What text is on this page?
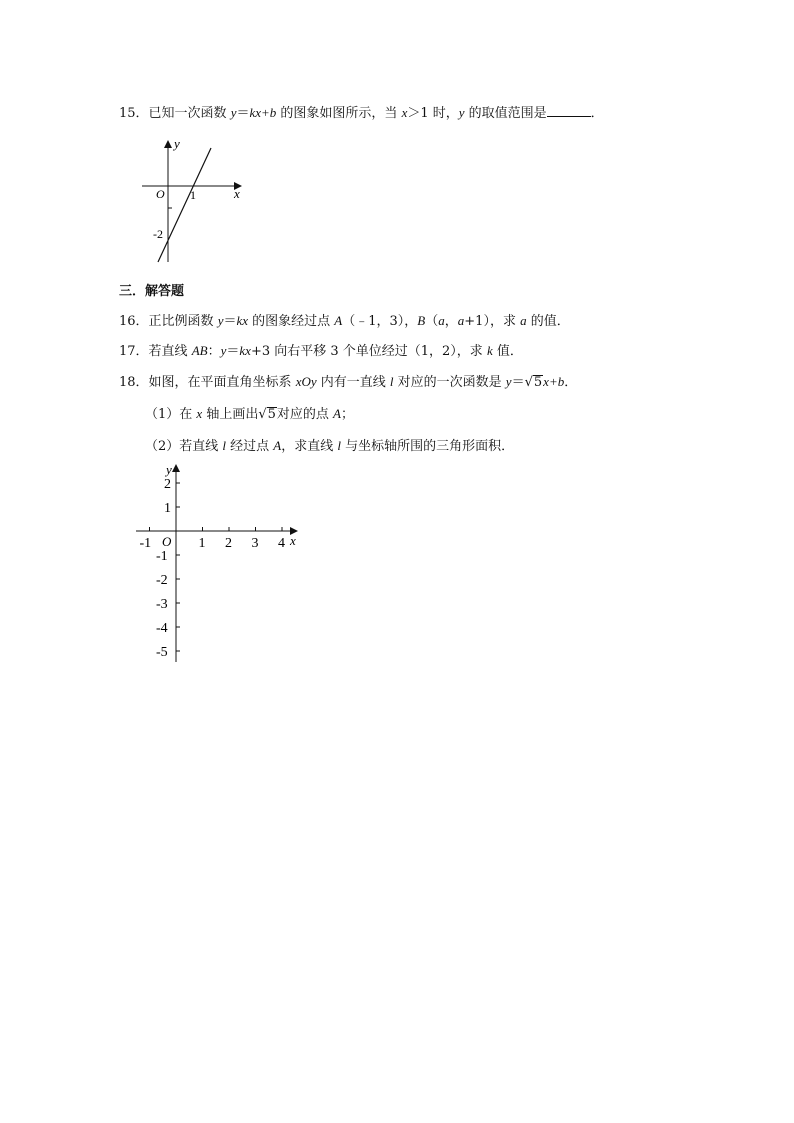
15．已知一次函数 y＝kx+b 的图象如图所示，当 x＞1 时，y 的取值范围是	．
y
x
O 1
-2
三．解答题
16．正比例函数 y＝kx 的图象经过点 A（﹣1，3），B（a，a+1），求 a 的值．
17．若直线 AB：y＝kx+3 向右平移 3 个单位经过（1，2），求 k 值．
18．如图，在平面直角坐标系 xOy 内有一直线 l 对应的一次函数是 y＝√5x+b．
（1）在 x 轴上画出√5对应的点 A；
（2）若直线 l 经过点 A，求直线 l 与坐标轴所围的三角形面积．
y
x
O
-1	1 2 3 4
2
1
-1
-2
-3
-4
-5
